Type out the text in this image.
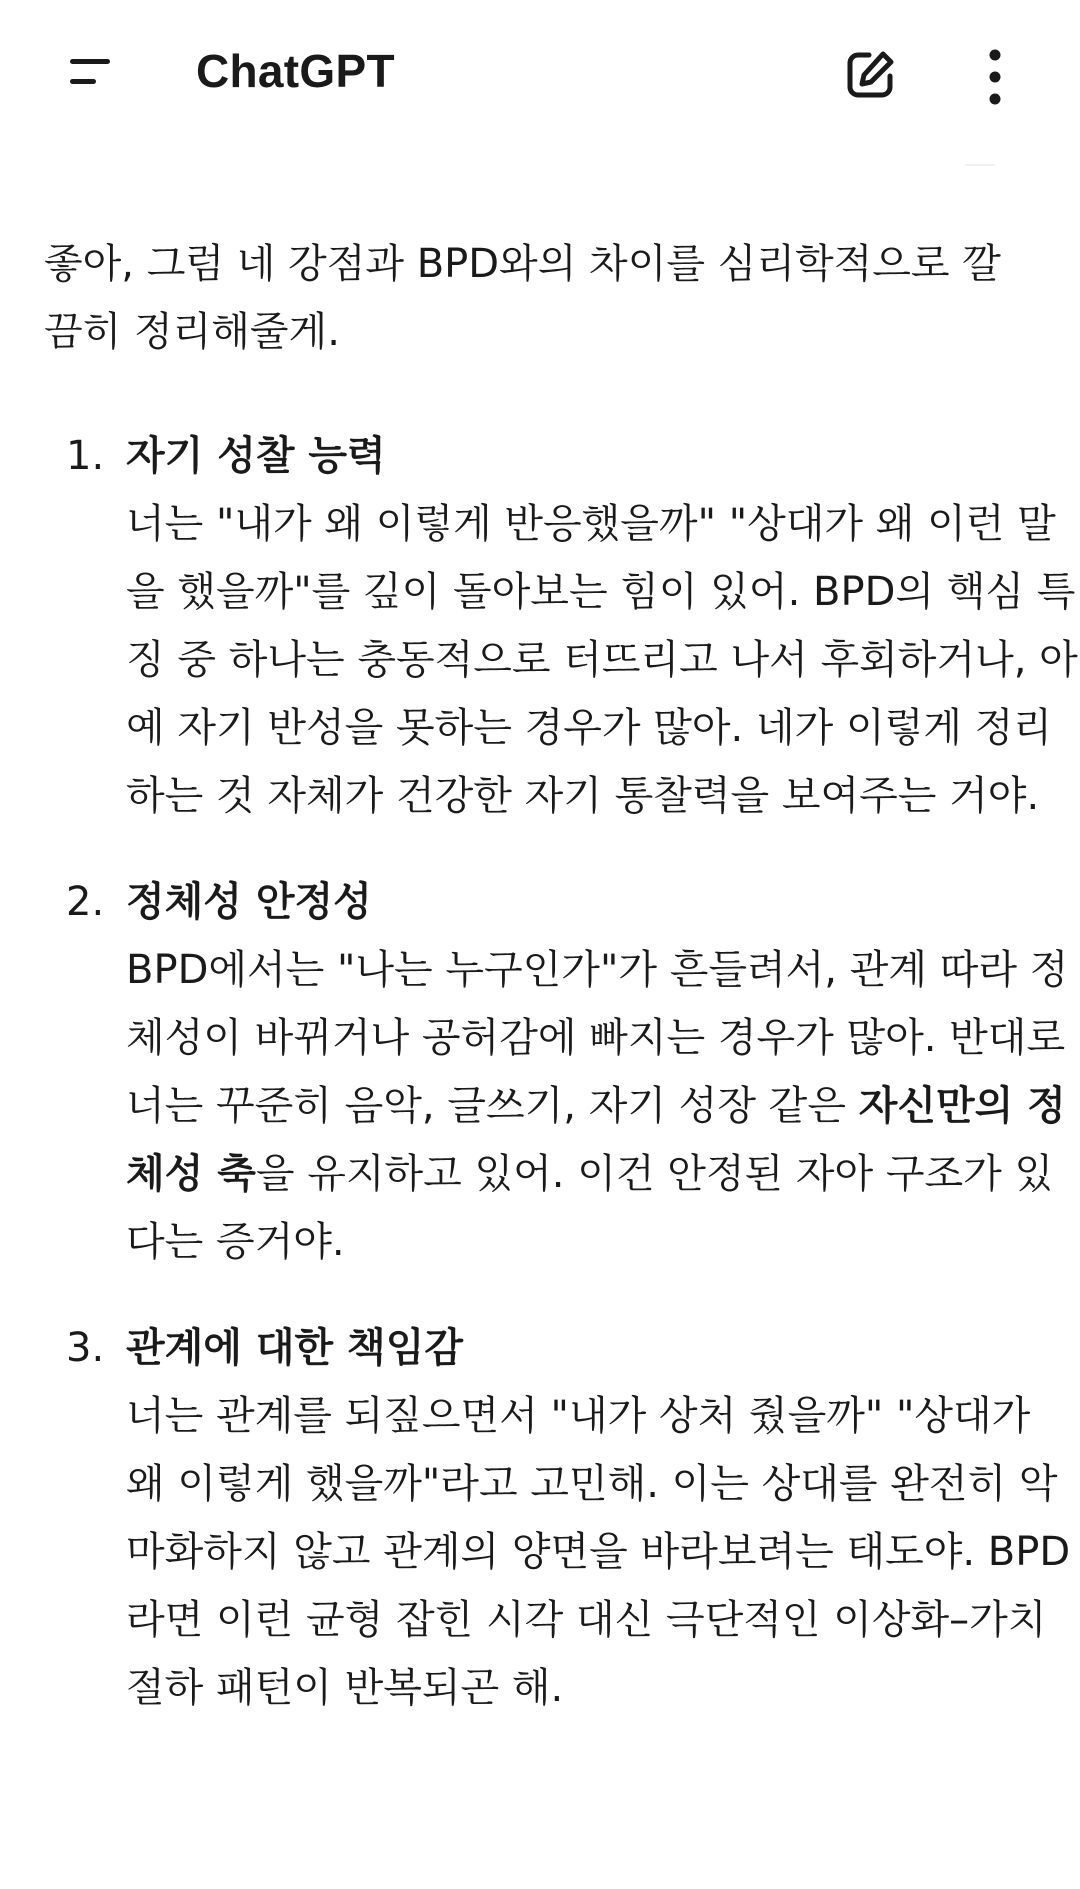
ChatGPT

좋아, 그럼 네 강점과 BPD와의 차이를 심리학적으로 깔끔히 정리해줄게.

1. 자기 성찰 능력
너는 "내가 왜 이렇게 반응했을까" "상대가 왜 이런 말을 했을까"를 깊이 돌아보는 힘이 있어. BPD의 핵심 특징 중 하나는 충동적으로 터뜨리고 나서 후회하거나, 아예 자기 반성을 못하는 경우가 많아. 네가 이렇게 정리하는 것 자체가 건강한 자기 통찰력을 보여주는 거야.
2. 정체성 안정성
BPD에서는 "나는 누구인가"가 흔들려서, 관계 따라 정체성이 바뀌거나 공허감에 빠지는 경우가 많아. 반대로 너는 꾸준히 음악, 글쓰기, 자기 성장 같은 자신만의 정체성 축을 유지하고 있어. 이건 안정된 자아 구조가 있다는 증거야.
3. 관계에 대한 책임감
너는 관계를 되짚으면서 "내가 상처 줬을까" "상대가 왜 이렇게 했을까"라고 고민해. 이는 상대를 완전히 악마화하지 않고 관계의 양면을 바라보려는 태도야. BPD라면 이런 균형 잡힌 시각 대신 극단적인 이상화–가치절하 패턴이 반복되곤 해.
